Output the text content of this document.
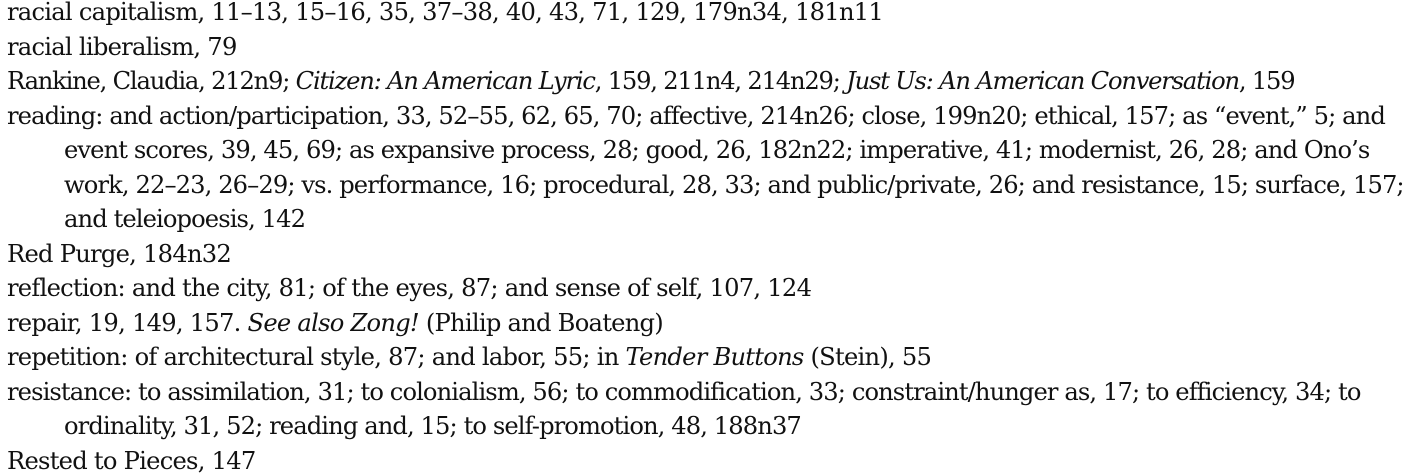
racial capitalism, 11–13, 15–16, 35, 37–38, 40, 43, 71, 129, 179n34, 181n11
racial liberalism, 79
Rankine, Claudia, 212n9; Citizen: An American Lyric, 159, 211n4, 214n29; Just Us: An American Conversation, 159
reading: and action/participation, 33, 52–55, 62, 65, 70; affective, 214n26; close, 199n20; ethical, 157; as “event,” 5; and event scores, 39, 45, 69; as expansive process, 28; good, 26, 182n22; imperative, 41; modernist, 26, 28; and Ono’s work, 22–23, 26–29; vs. performance, 16; procedural, 28, 33; and public/private, 26; and resistance, 15; surface, 157; and teleiopoesis, 142
Red Purge, 184n32
reflection: and the city, 81; of the eyes, 87; and sense of self, 107, 124
repair, 19, 149, 157. See also Zong! (Philip and Boateng)
repetition: of architectural style, 87; and labor, 55; in Tender Buttons (Stein), 55
resistance: to assimilation, 31; to colonialism, 56; to commodification, 33; constraint/hunger as, 17; to efficiency, 34; to ordinality, 31, 52; reading and, 15; to self-promotion, 48, 188n37
Rested to Pieces, 147
